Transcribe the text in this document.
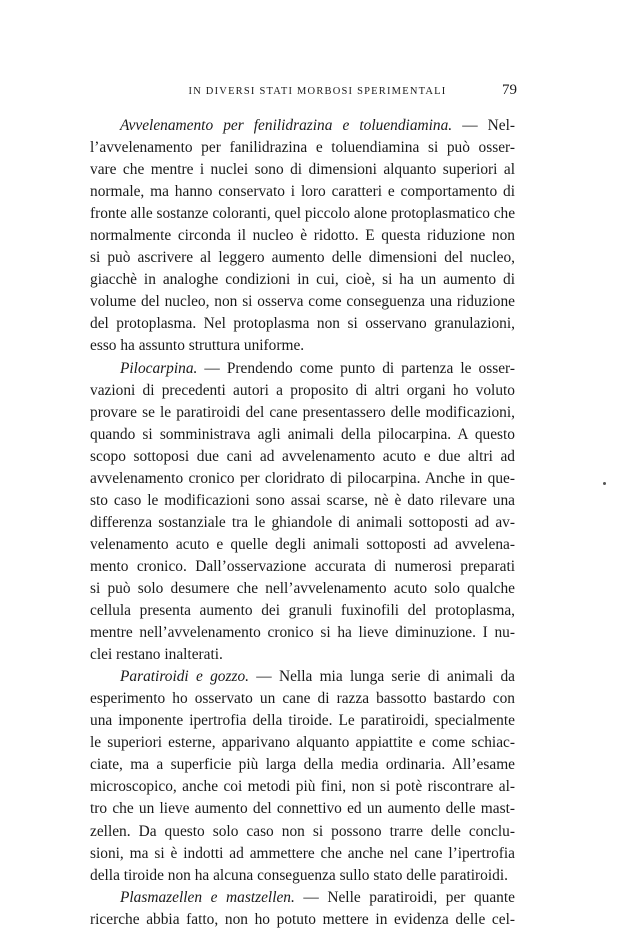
IN DIVERSI STATI MORBOSI SPERIMENTALI	79
Avvelenamento per fenilidrazina e toluendiamina. — Nel-
l’avvelenamento per fanilidrazina e toluendiamina si può osser-
vare che mentre i nuclei sono di dimensioni alquanto superiori al
normale, ma hanno conservato i loro caratteri e comportamento di
fronte alle sostanze coloranti, quel piccolo alone protoplasmatico che
normalmente circonda il nucleo è ridotto. E questa riduzione non
si può ascrivere al leggero aumento delle dimensioni del nucleo,
giacchè in analoghe condizioni in cui, cioè, si ha un aumento di
volume del nucleo, non si osserva come conseguenza una riduzione
del protoplasma. Nel protoplasma non si osservano granulazioni,
esso ha assunto struttura uniforme.
Pilocarpina. — Prendendo come punto di partenza le osser-
vazioni di precedenti autori a proposito di altri organi ho voluto
provare se le paratiroidi del cane presentassero delle modificazioni,
quando si somministrava agli animali della pilocarpina. A questo
scopo sottoposi due cani ad avvelenamento acuto e due altri ad
avvelenamento cronico per cloridrato di pilocarpina. Anche in que-
sto caso le modificazioni sono assai scarse, nè è dato rilevare una
differenza sostanziale tra le ghiandole di animali sottoposti ad av-
velenamento acuto e quelle degli animali sottoposti ad avvelena-
mento cronico. Dall’osservazione accurata di numerosi preparati
si può solo desumere che nell’avvelenamento acuto solo qualche
cellula presenta aumento dei granuli fuxinofili del protoplasma,
mentre nell’avvelenamento cronico si ha lieve diminuzione. I nu-
clei restano inalterati.
Paratiroidi e gozzo. — Nella mia lunga serie di animali da
esperimento ho osservato un cane di razza bassotto bastardo con
una imponente ipertrofia della tiroide. Le paratiroidi, specialmente
le superiori esterne, apparivano alquanto appiattite e come schiac-
ciate, ma a superficie più larga della media ordinaria. All’esame
microscopico, anche coi metodi più fini, non si potè riscontrare al-
tro che un lieve aumento del connettivo ed un aumento delle mast-
zellen. Da questo solo caso non si possono trarre delle conclu-
sioni, ma si è indotti ad ammettere che anche nel cane l’ipertrofia
della tiroide non ha alcuna conseguenza sullo stato delle paratiroidi.
Plasmazellen e mastzellen. — Nelle paratiroidi, per quante
ricerche abbia fatto, non ho potuto mettere in evidenza delle cel-
